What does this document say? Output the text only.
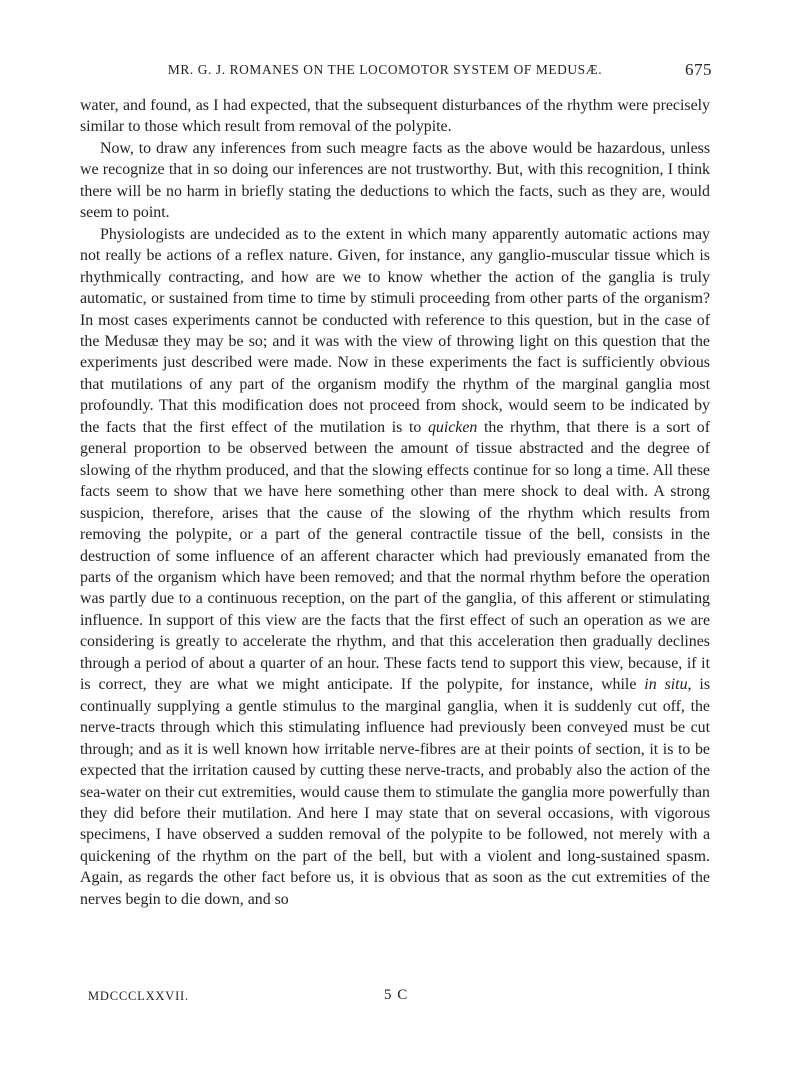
MR. G. J. ROMANES ON THE LOCOMOTOR SYSTEM OF MEDUSÆ.	675

water, and found, as I had expected, that the subsequent disturbances of the rhythm were precisely similar to those which result from removal of the polypite.

Now, to draw any inferences from such meagre facts as the above would be hazardous, unless we recognize that in so doing our inferences are not trustworthy. But, with this recognition, I think there will be no harm in briefly stating the deductions to which the facts, such as they are, would seem to point.

Physiologists are undecided as to the extent in which many apparently automatic actions may not really be actions of a reflex nature. Given, for instance, any ganglio-muscular tissue which is rhythmically contracting, and how are we to know whether the action of the ganglia is truly automatic, or sustained from time to time by stimuli proceeding from other parts of the organism? In most cases experiments cannot be conducted with reference to this question, but in the case of the Medusæ they may be so; and it was with the view of throwing light on this question that the experiments just described were made. Now in these experiments the fact is sufficiently obvious that mutilations of any part of the organism modify the rhythm of the marginal ganglia most profoundly. That this modification does not proceed from shock, would seem to be indicated by the facts that the first effect of the mutilation is to quicken the rhythm, that there is a sort of general proportion to be observed between the amount of tissue abstracted and the degree of slowing of the rhythm produced, and that the slowing effects continue for so long a time. All these facts seem to show that we have here something other than mere shock to deal with. A strong suspicion, therefore, arises that the cause of the slowing of the rhythm which results from removing the polypite, or a part of the general contractile tissue of the bell, consists in the destruction of some influence of an afferent character which had previously emanated from the parts of the organism which have been removed; and that the normal rhythm before the operation was partly due to a continuous reception, on the part of the ganglia, of this afferent or stimulating influence. In support of this view are the facts that the first effect of such an operation as we are considering is greatly to accelerate the rhythm, and that this acceleration then gradually declines through a period of about a quarter of an hour. These facts tend to support this view, because, if it is correct, they are what we might anticipate. If the polypite, for instance, while in situ, is continually supplying a gentle stimulus to the marginal ganglia, when it is suddenly cut off, the nerve-tracts through which this stimulating influence had previously been conveyed must be cut through; and as it is well known how irritable nerve-fibres are at their points of section, it is to be expected that the irritation caused by cutting these nerve-tracts, and probably also the action of the sea-water on their cut extremities, would cause them to stimulate the ganglia more powerfully than they did before their mutilation. And here I may state that on several occasions, with vigorous specimens, I have observed a sudden removal of the polypite to be followed, not merely with a quickening of the rhythm on the part of the bell, but with a violent and long-sustained spasm. Again, as regards the other fact before us, it is obvious that as soon as the cut extremities of the nerves begin to die down, and so

MDCCCLXXVII.	5 C
